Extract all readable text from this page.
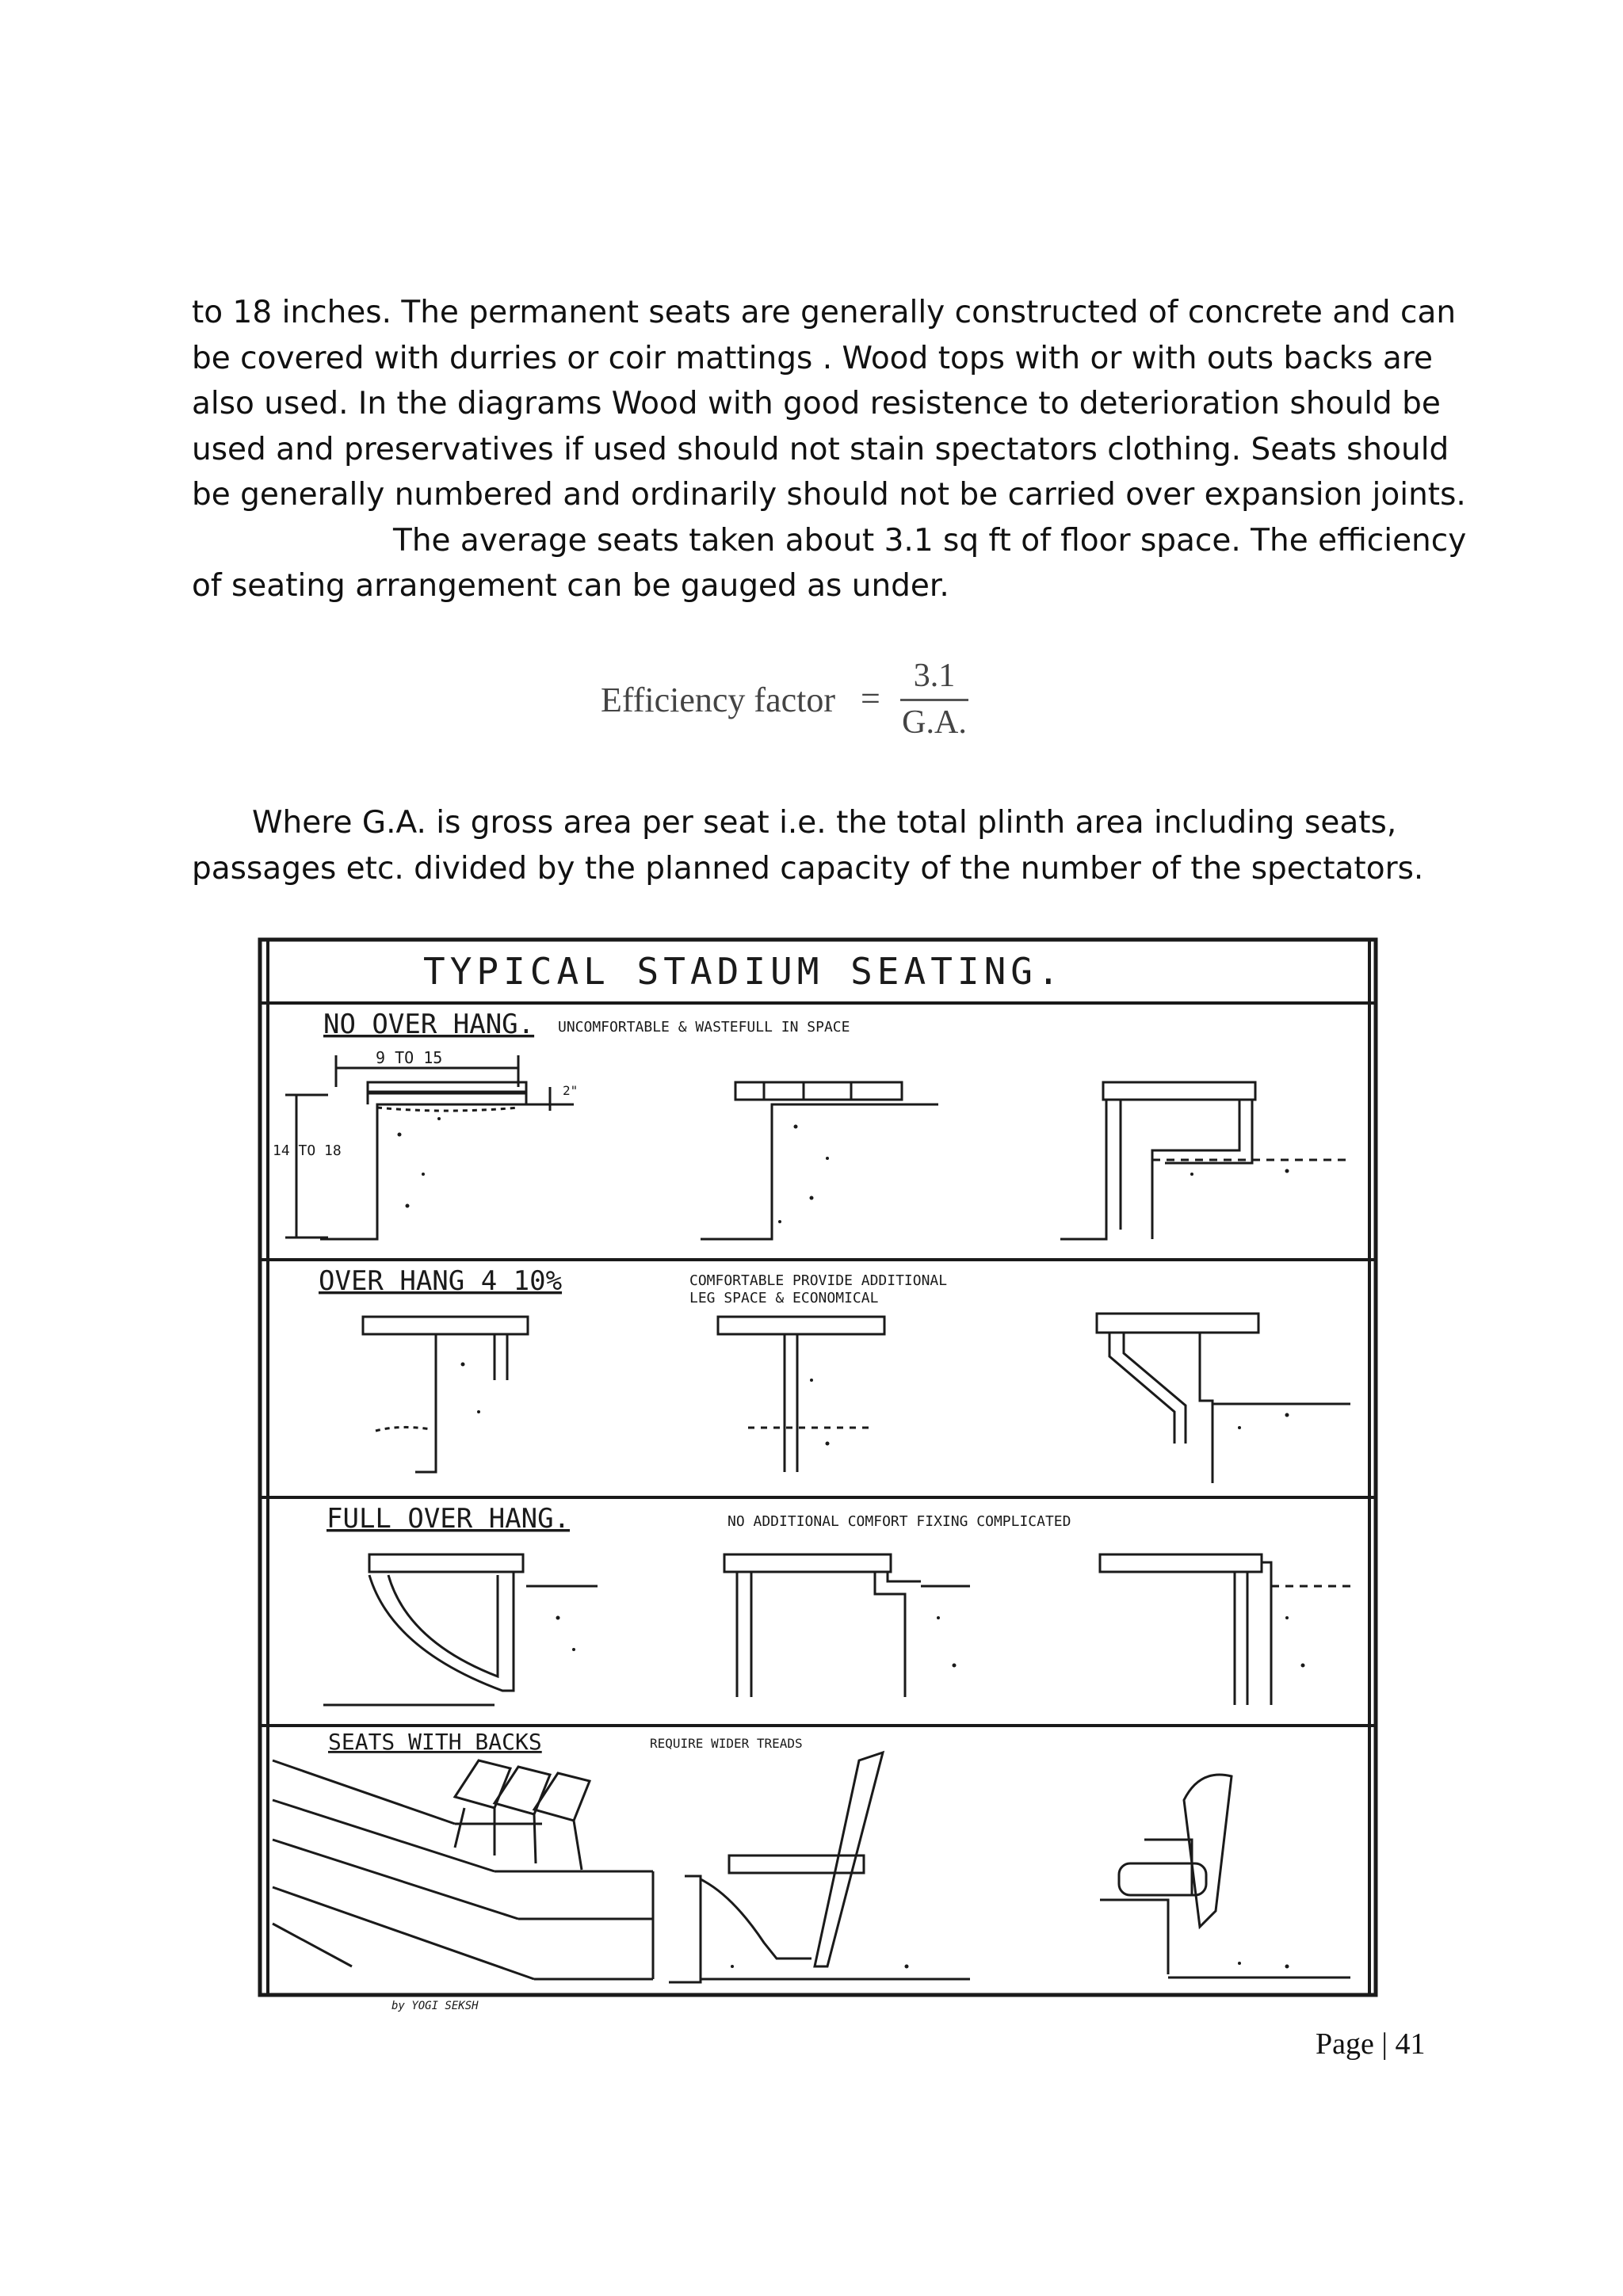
to 18 inches. The permanent seats are generally constructed of concrete and can
be covered with durries or coir mattings . Wood tops with or with outs backs are
also used. In the diagrams Wood with good resistence to deterioration should be
used and preservatives if used should not stain spectators clothing. Seats should
be generally numbered and ordinarily should not be carried over expansion joints.
The average seats taken about 3.1 sq ft of floor space. The efficiency
of seating arrangement can be gauged as under.
Efficiency factor =
3.1
G.A.
Where G.A. is gross area per seat i.e. the total plinth area including seats,
passages etc. divided by the planned capacity of the number of the spectators.
TYPICAL STADIUM SEATING.
NO OVER HANG. UNCOMFORTABLE & WASTEFULL IN SPACE
OVER HANG 4 10%	COMFORTABLE PROVIDE ADDITIONAL
LEG SPACE & ECONOMICAL
FULL OVER HANG.	NO ADDITIONAL COMFORT FIXING COMPLICATED
SEATS WITH BACKS	REQUIRE WIDER TREADS
9 TO 15
14 TO 18
2"
by YOGI SEKSH
Page | 41
